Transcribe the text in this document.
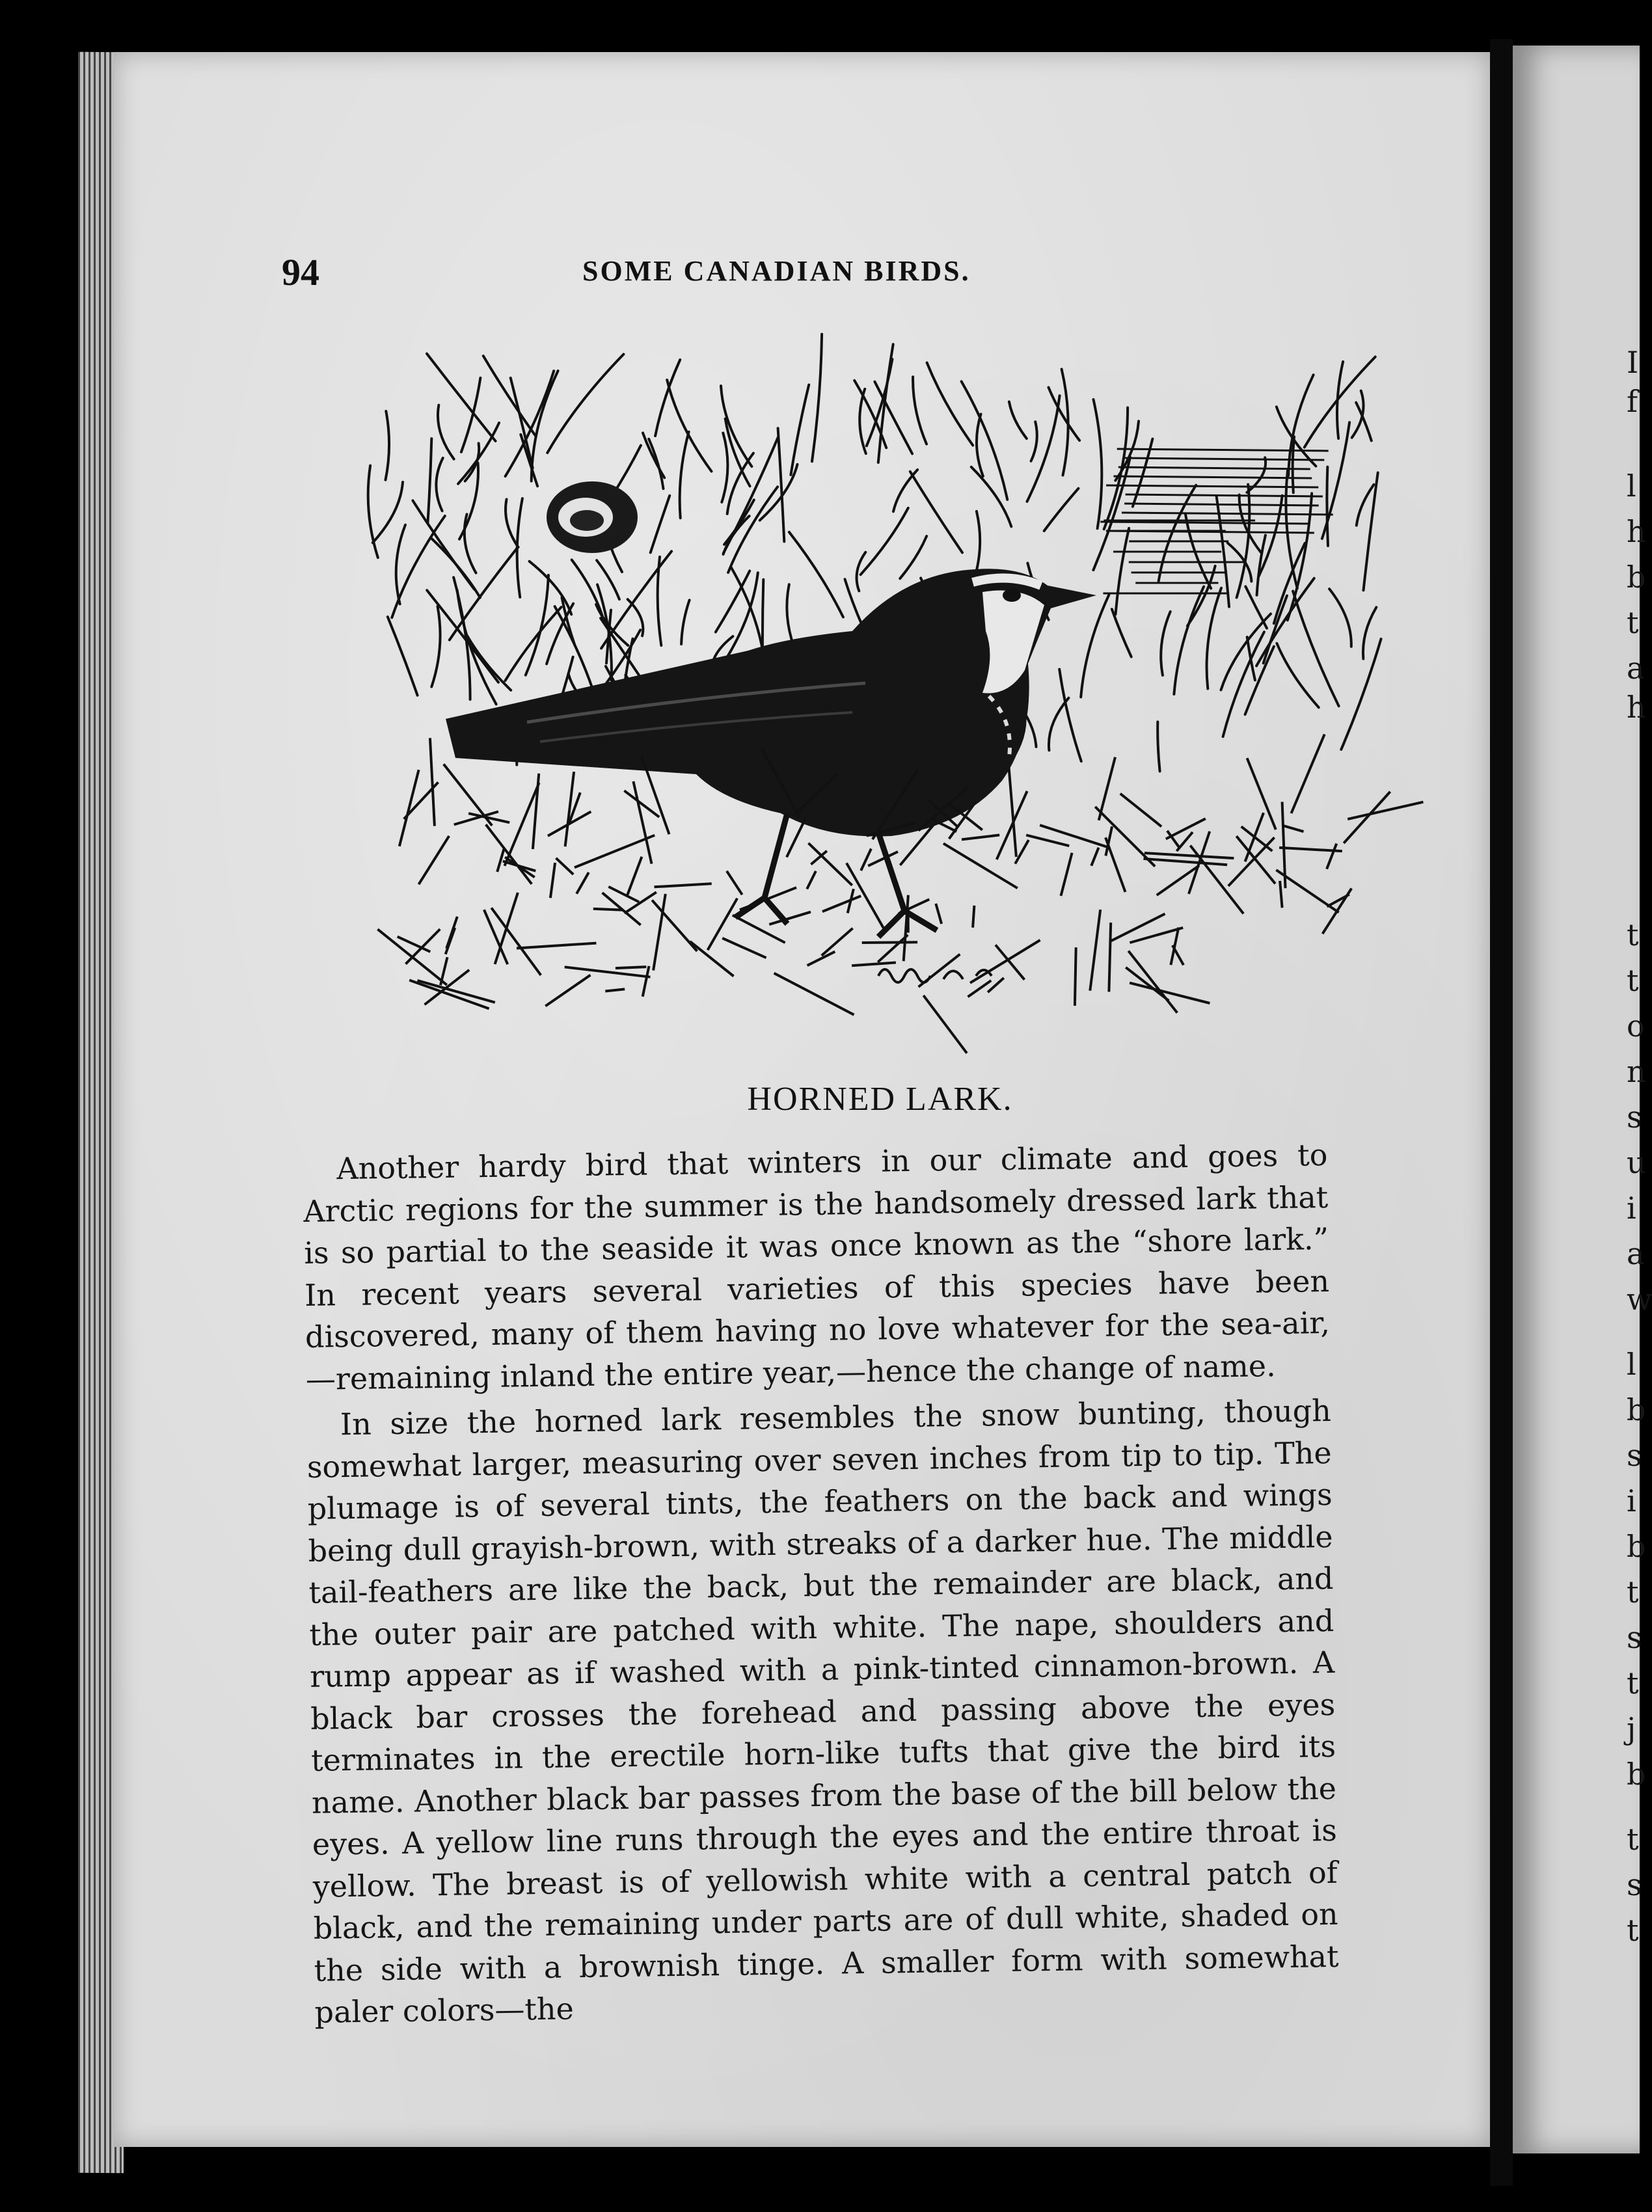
94	SOME CANADIAN BIRDS.
HORNED LARK.

Another hardy bird that winters in our climate and goes to Arctic regions for the summer is the handsomely dressed lark that is so partial to the seaside it was once known as the “shore lark.” In recent years several varieties of this species have been discovered, many of them having no love whatever for the sea-air,—remaining inland the entire year,—hence the change of name.

In size the horned lark resembles the snow bunting, though somewhat larger, measuring over seven inches from tip to tip. The plumage is of several tints, the feathers on the back and wings being dull grayish-brown, with streaks of a darker hue. The middle tail-feathers are like the back, but the remainder are black, and the outer pair are patched with white. The nape, shoulders and rump appear as if washed with a pink-tinted cinnamon-brown. A black bar crosses the forehead and passing above the eyes terminates in the erectile horn-like tufts that give the bird its name. Another black bar passes from the base of the bill below the eyes. A yellow line runs through the eyes and the entire throat is yellow. The breast is of yellowish white with a central patch of black, and the remaining under parts are of dull white, shaded on the side with a brownish tinge. A smaller form with somewhat paler colors—the

I
f
l
h
b
t
a
h
t
t
o
n
s
u
i
a
w
l
b
s
i
b
t
s
t
j
b
t
s
t
